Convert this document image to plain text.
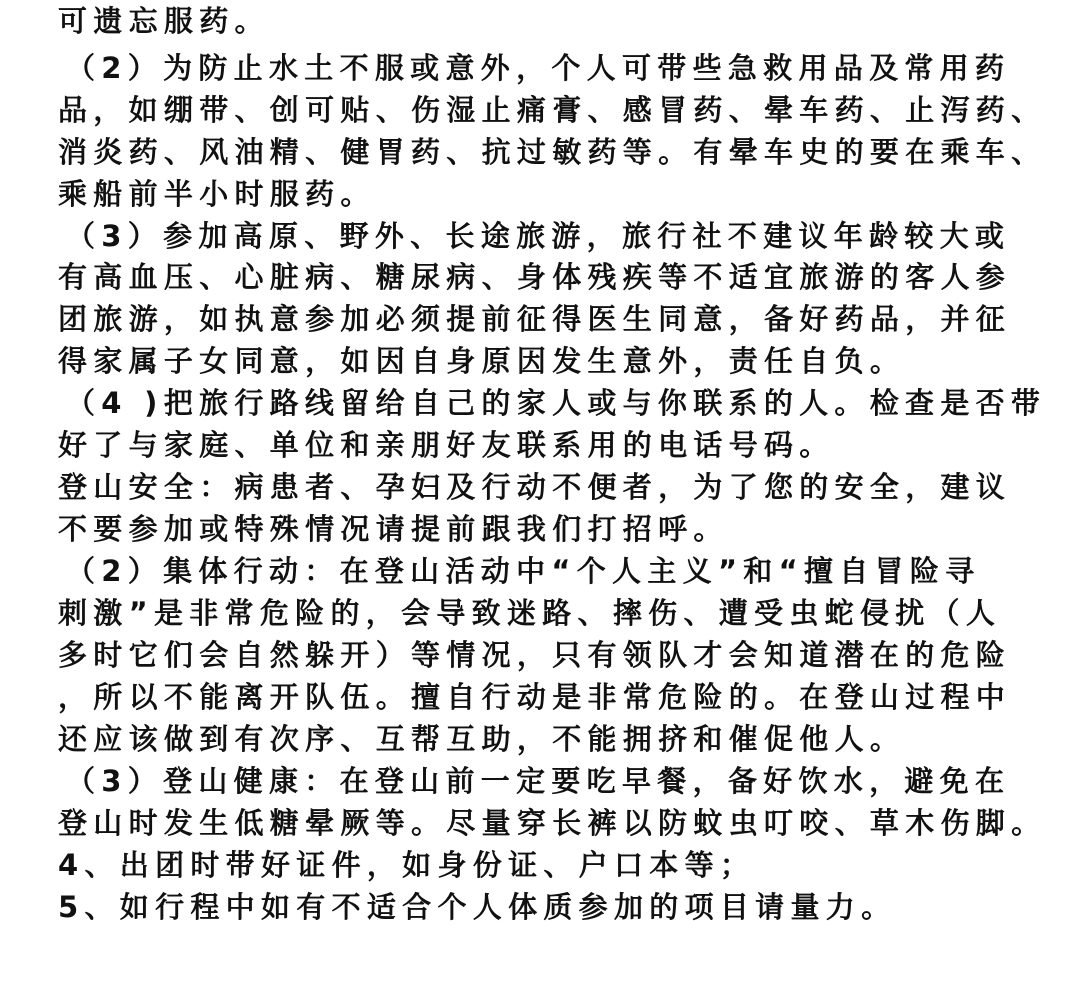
可遗忘服药。
（2）为防止水土不服或意外，个人可带些急救用品及常用药
品，如绷带、创可贴、伤湿止痛膏、感冒药、晕车药、止泻药、
消炎药、风油精、健胃药、抗过敏药等。有晕车史的要在乘车、
乘船前半小时服药。
（3）参加高原、野外、长途旅游，旅行社不建议年龄较大或
有高血压、心脏病、糖尿病、身体残疾等不适宜旅游的客人参
团旅游，如执意参加必须提前征得医生同意，备好药品，并征
得家属子女同意，如因自身原因发生意外，责任自负。
（4 )把旅行路线留给自己的家人或与你联系的人。检查是否带
好了与家庭、单位和亲朋好友联系用的电话号码。
登山安全：病患者、孕妇及行动不便者，为了您的安全，建议
不要参加或特殊情况请提前跟我们打招呼。
（2）集体行动：在登山活动中“个人主义”和“擅自冒险寻
刺激”是非常危险的，会导致迷路、摔伤、遭受虫蛇侵扰（人
多时它们会自然躲开）等情况，只有领队才会知道潜在的危险
，所以不能离开队伍。擅自行动是非常危险的。在登山过程中
还应该做到有次序、互帮互助，不能拥挤和催促他人。
（3）登山健康：在登山前一定要吃早餐，备好饮水，避免在
登山时发生低糖晕厥等。尽量穿长裤以防蚊虫叮咬、草木伤脚。
4、出团时带好证件，如身份证、户口本等；
5、如行程中如有不适合个人体质参加的项目请量力。
